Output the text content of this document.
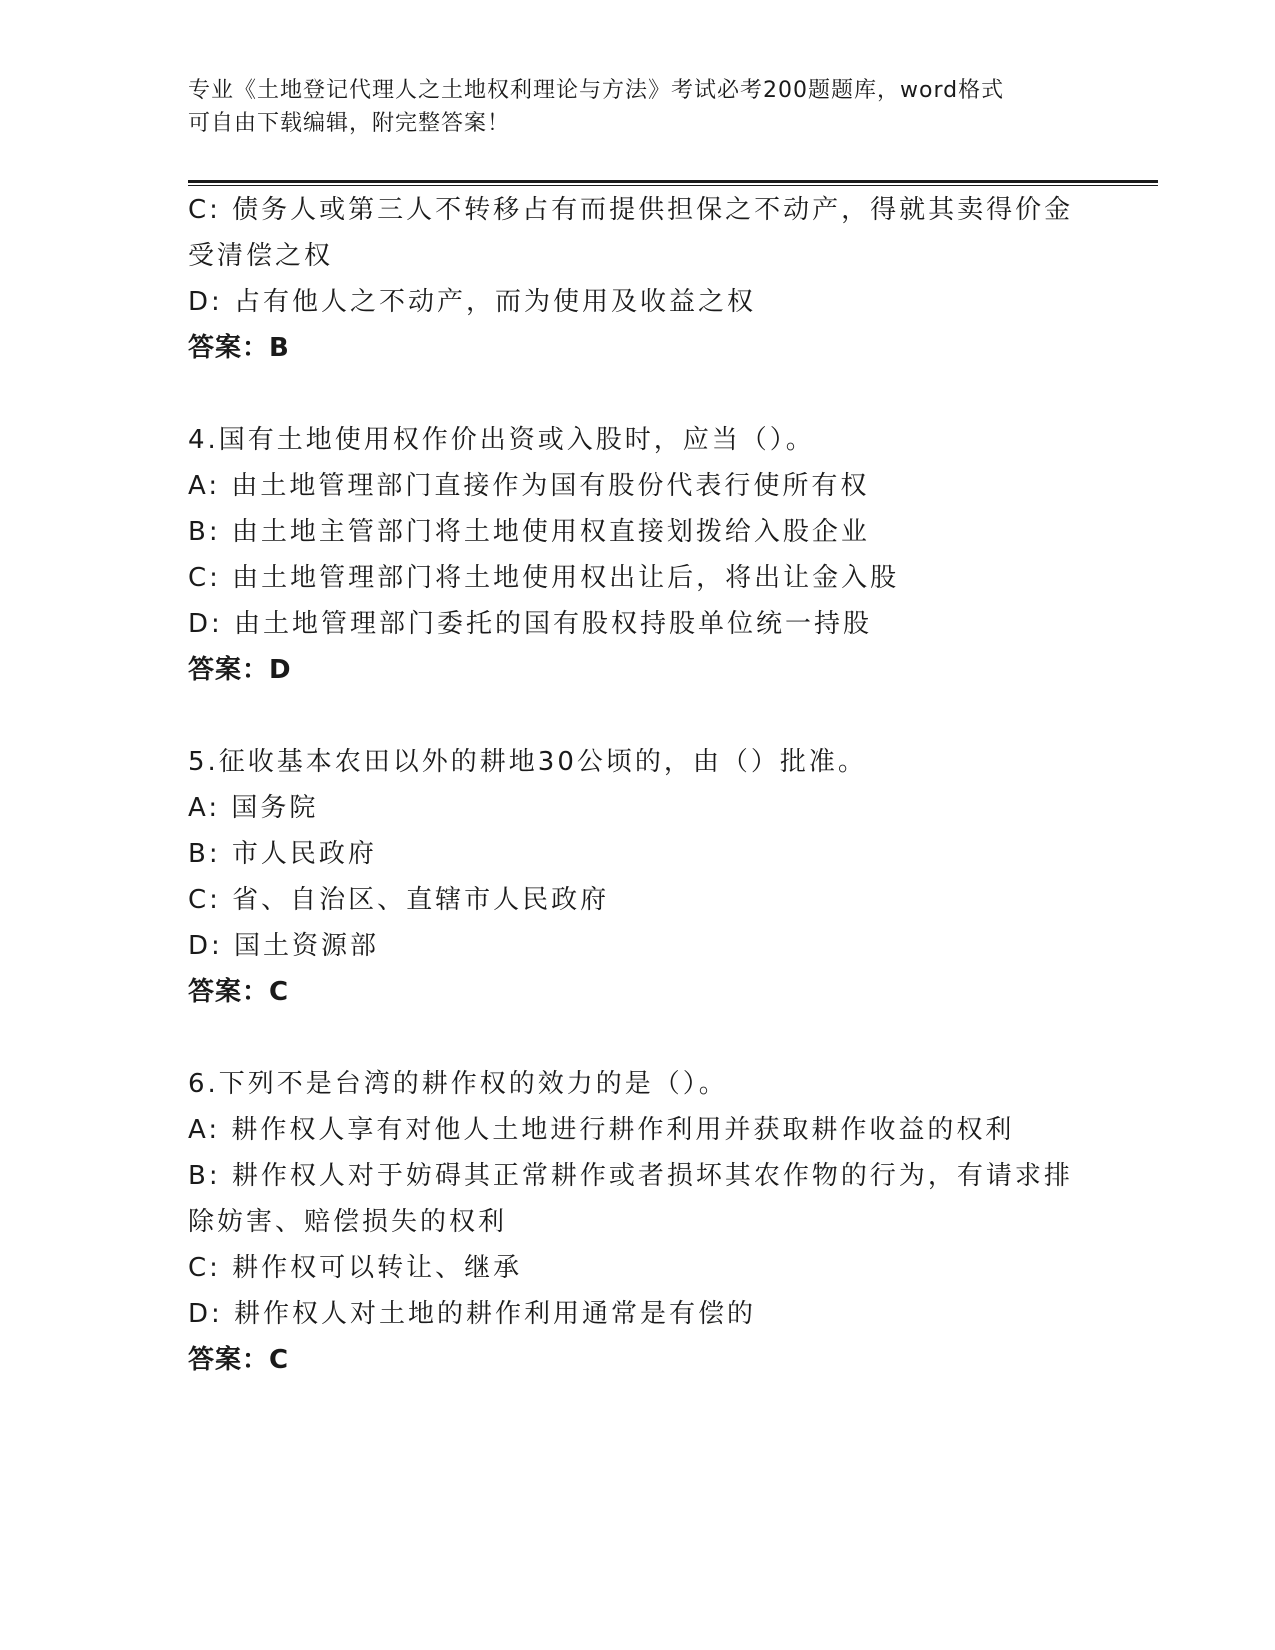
专业《土地登记代理人之土地权利理论与方法》考试必考200题题库，word格式
可自由下载编辑，附完整答案！
C: 债务人或第三人不转移占有而提供担保之不动产，得就其卖得价金
受清偿之权
D: 占有他人之不动产，而为使用及收益之权
答案：B
4.国有土地使用权作价出资或入股时，应当（）。
A: 由土地管理部门直接作为国有股份代表行使所有权
B: 由土地主管部门将土地使用权直接划拨给入股企业
C: 由土地管理部门将土地使用权出让后，将出让金入股
D: 由土地管理部门委托的国有股权持股单位统一持股
答案：D
5.征收基本农田以外的耕地30公顷的，由（）批准。
A: 国务院
B: 市人民政府
C: 省、自治区、直辖市人民政府
D: 国土资源部
答案：C
6.下列不是台湾的耕作权的效力的是（）。
A: 耕作权人享有对他人土地进行耕作利用并获取耕作收益的权利
B: 耕作权人对于妨碍其正常耕作或者损坏其农作物的行为，有请求排
除妨害、赔偿损失的权利
C: 耕作权可以转让、继承
D: 耕作权人对土地的耕作利用通常是有偿的
答案：C
